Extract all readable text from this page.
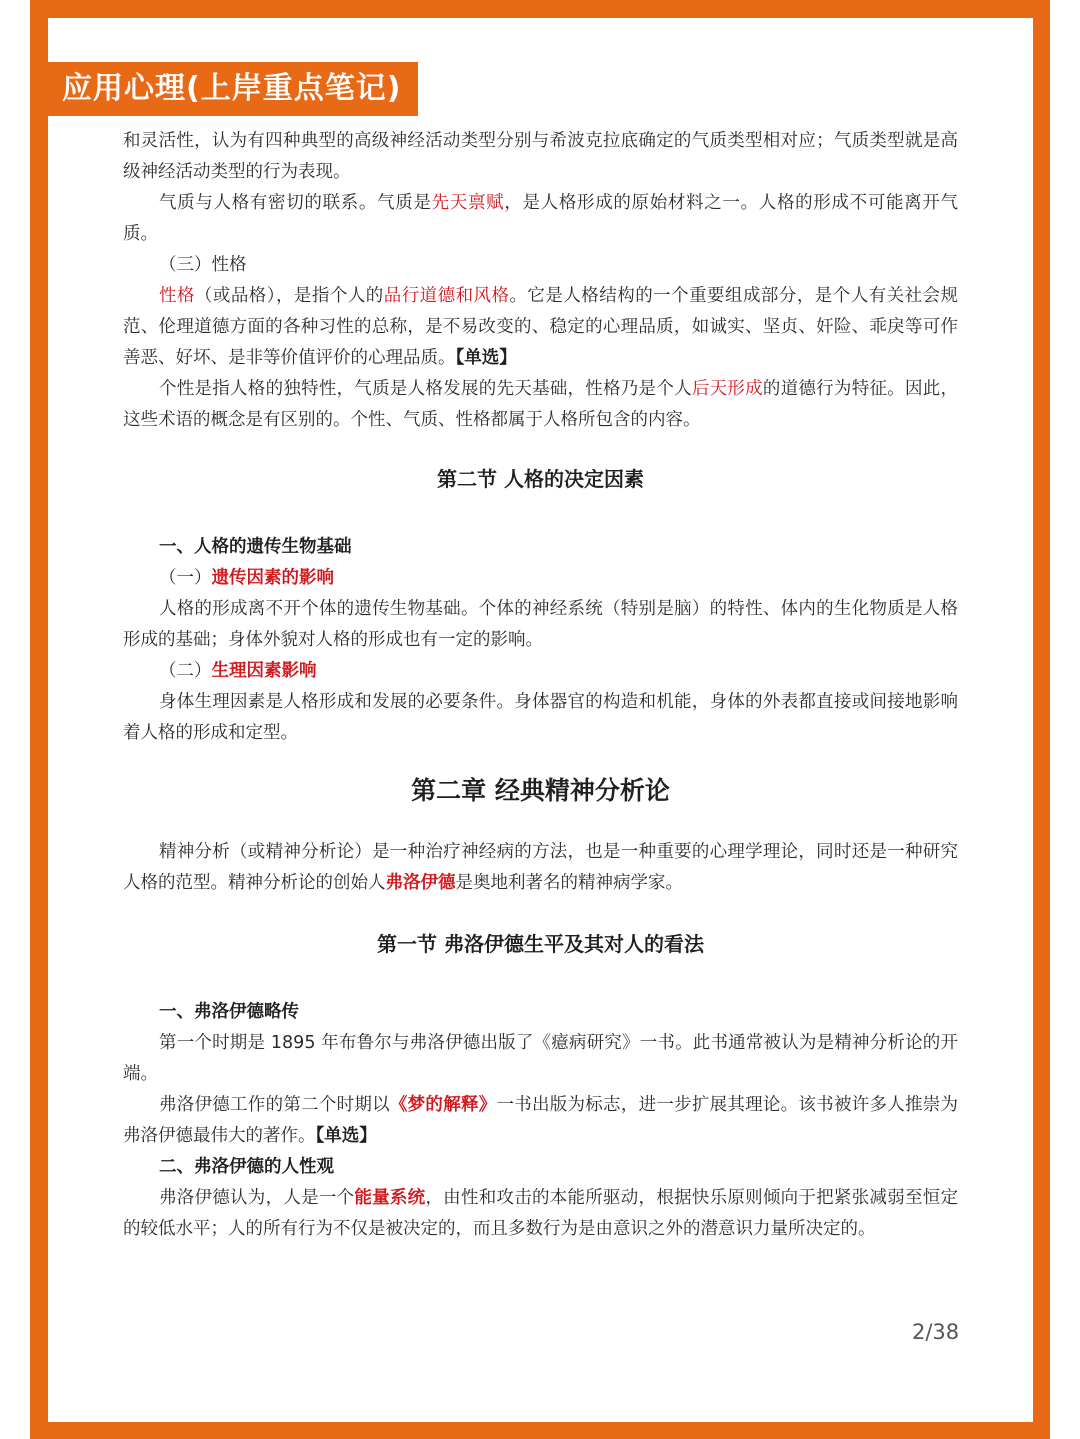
应用心理(上岸重点笔记)

和灵活性，认为有四种典型的高级神经活动类型分别与希波克拉底确定的气质类型相对应；气质类型就是高级神经活动类型的行为表现。

气质与人格有密切的联系。气质是先天禀赋，是人格形成的原始材料之一。人格的形成不可能离开气质。

（三）性格

性格（或品格），是指个人的品行道德和风格。它是人格结构的一个重要组成部分，是个人有关社会规范、伦理道德方面的各种习性的总称，是不易改变的、稳定的心理品质，如诚实、坚贞、奸险、乖戾等可作善恶、好坏、是非等价值评价的心理品质。【单选】

个性是指人格的独特性，气质是人格发展的先天基础，性格乃是个人后天形成的道德行为特征。因此，这些术语的概念是有区别的。个性、气质、性格都属于人格所包含的内容。

第二节 人格的决定因素

一、人格的遗传生物基础

（一）遗传因素的影响

人格的形成离不开个体的遗传生物基础。个体的神经系统（特别是脑）的特性、体内的生化物质是人格形成的基础；身体外貌对人格的形成也有一定的影响。

（二）生理因素影响

身体生理因素是人格形成和发展的必要条件。身体器官的构造和机能，身体的外表都直接或间接地影响着人格的形成和定型。

第二章 经典精神分析论

精神分析（或精神分析论）是一种治疗神经病的方法，也是一种重要的心理学理论，同时还是一种研究人格的范型。精神分析论的创始人弗洛伊德是奥地利著名的精神病学家。

第一节 弗洛伊德生平及其对人的看法

一、弗洛伊德略传

第一个时期是 1895 年布鲁尔与弗洛伊德出版了《癔病研究》一书。此书通常被认为是精神分析论的开端。

弗洛伊德工作的第二个时期以《梦的解释》一书出版为标志，进一步扩展其理论。该书被许多人推崇为弗洛伊德最伟大的著作。【单选】

二、弗洛伊德的人性观

弗洛伊德认为，人是一个能量系统，由性和攻击的本能所驱动，根据快乐原则倾向于把紧张减弱至恒定的较低水平；人的所有行为不仅是被决定的，而且多数行为是由意识之外的潜意识力量所决定的。

2/38
